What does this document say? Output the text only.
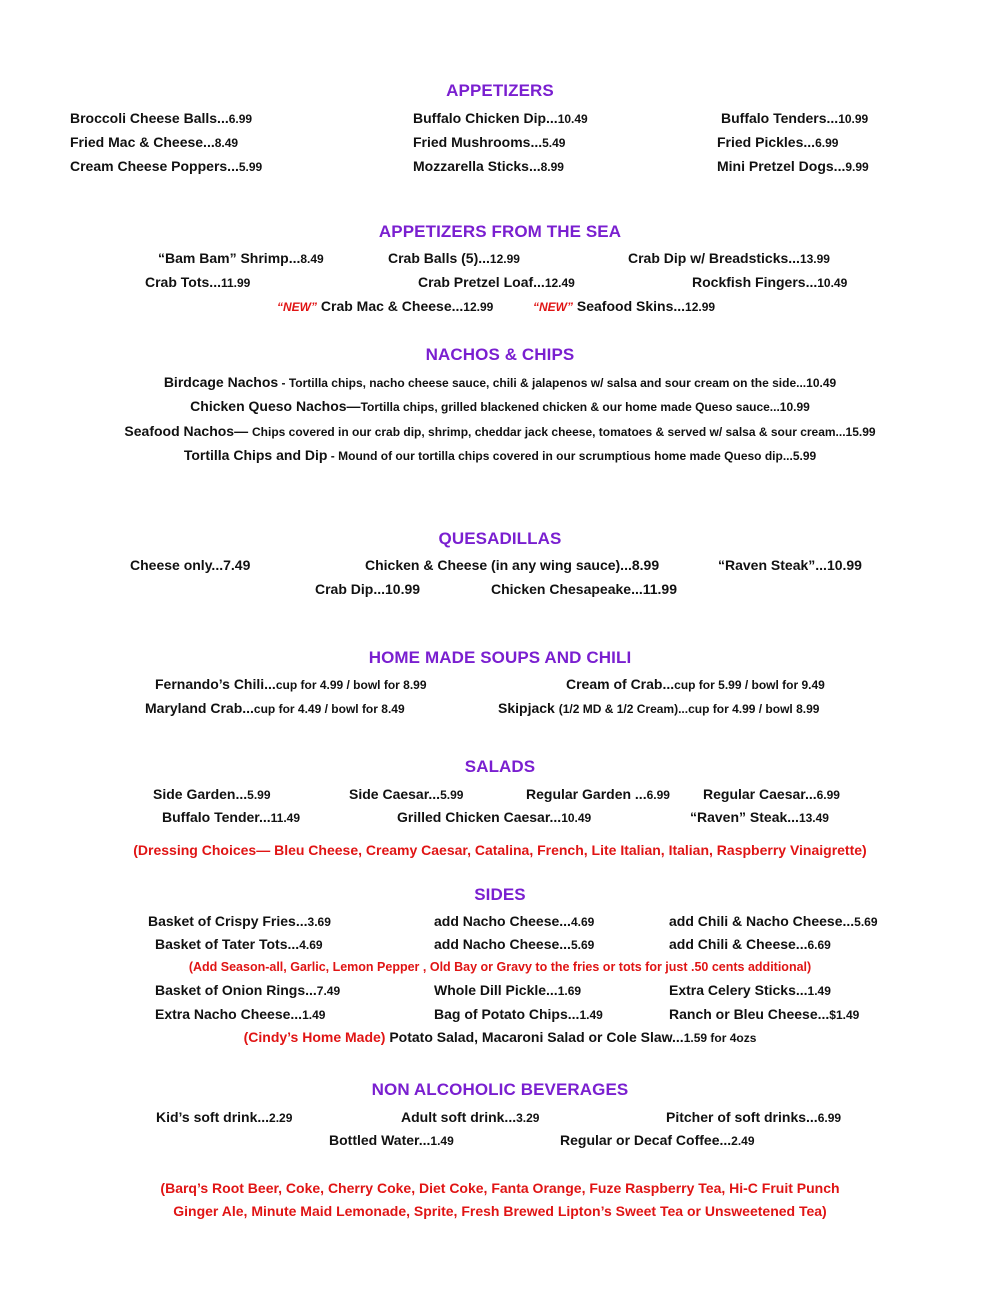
APPETIZERS
Broccoli Cheese Balls...6.99	Buffalo Chicken Dip...10.49	Buffalo Tenders...10.99
Fried Mac & Cheese...8.49	Fried Mushrooms...5.49	Fried Pickles...6.99
Cream Cheese Poppers...5.99	Mozzarella Sticks...8.99	Mini Pretzel Dogs...9.99
APPETIZERS FROM THE SEA
“Bam Bam” Shrimp...8.49	Crab Balls (5)...12.99	Crab Dip w/ Breadsticks...13.99
Crab Tots...11.99	Crab Pretzel Loaf...12.49	Rockfish Fingers...10.49
“NEW” Crab Mac & Cheese...12.99	“NEW” Seafood Skins...12.99
NACHOS & CHIPS
Birdcage Nachos - Tortilla chips, nacho cheese sauce, chili & jalapenos w/ salsa and sour cream on the side...10.49
Chicken Queso Nachos—Tortilla chips, grilled blackened chicken & our home made Queso sauce...10.99
Seafood Nachos— Chips covered in our crab dip, shrimp, cheddar jack cheese, tomatoes & served w/ salsa & sour cream...15.99
Tortilla Chips and Dip - Mound of our tortilla chips covered in our scrumptious home made Queso dip...5.99
QUESADILLAS
Cheese only...7.49	Chicken & Cheese (in any wing sauce)...8.99	“Raven Steak”...10.99
Crab Dip...10.99	Chicken Chesapeake...11.99
HOME MADE SOUPS AND CHILI
Fernando’s Chili...cup for 4.99 / bowl for 8.99	Cream of Crab...cup for 5.99 / bowl for 9.49
Maryland Crab...cup for 4.49 / bowl for 8.49	Skipjack (1/2 MD & 1/2 Cream)...cup for 4.99 / bowl 8.99
SALADS
Side Garden...5.99	Side Caesar...5.99	Regular Garden ...6.99 Regular Caesar...6.99
Buffalo Tender...11.49	Grilled Chicken Caesar...10.49	“Raven” Steak...13.49
(Dressing Choices— Bleu Cheese, Creamy Caesar, Catalina, French, Lite Italian, Italian, Raspberry Vinaigrette)
SIDES
Basket of Crispy Fries...3.69	add Nacho Cheese...4.69	add Chili & Nacho Cheese...5.69
Basket of Tater Tots...4.69	add Nacho Cheese...5.69	add Chili & Cheese...6.69
(Add Season-all, Garlic, Lemon Pepper , Old Bay or Gravy to the fries or tots for just .50 cents additional)
Basket of Onion Rings...7.49	Whole Dill Pickle...1.69	Extra Celery Sticks...1.49
Extra Nacho Cheese...1.49	Bag of Potato Chips...1.49	Ranch or Bleu Cheese...$1.49
(Cindy’s Home Made) Potato Salad, Macaroni Salad or Cole Slaw...1.59 for 4ozs
NON ALCOHOLIC BEVERAGES
Kid’s soft drink...2.29	Adult soft drink...3.29	Pitcher of soft drinks...6.99
Bottled Water...1.49	Regular or Decaf Coffee...2.49
(Barq’s Root Beer, Coke, Cherry Coke, Diet Coke, Fanta Orange, Fuze Raspberry Tea, Hi-C Fruit Punch
Ginger Ale, Minute Maid Lemonade, Sprite, Fresh Brewed Lipton’s Sweet Tea or Unsweetened Tea)
